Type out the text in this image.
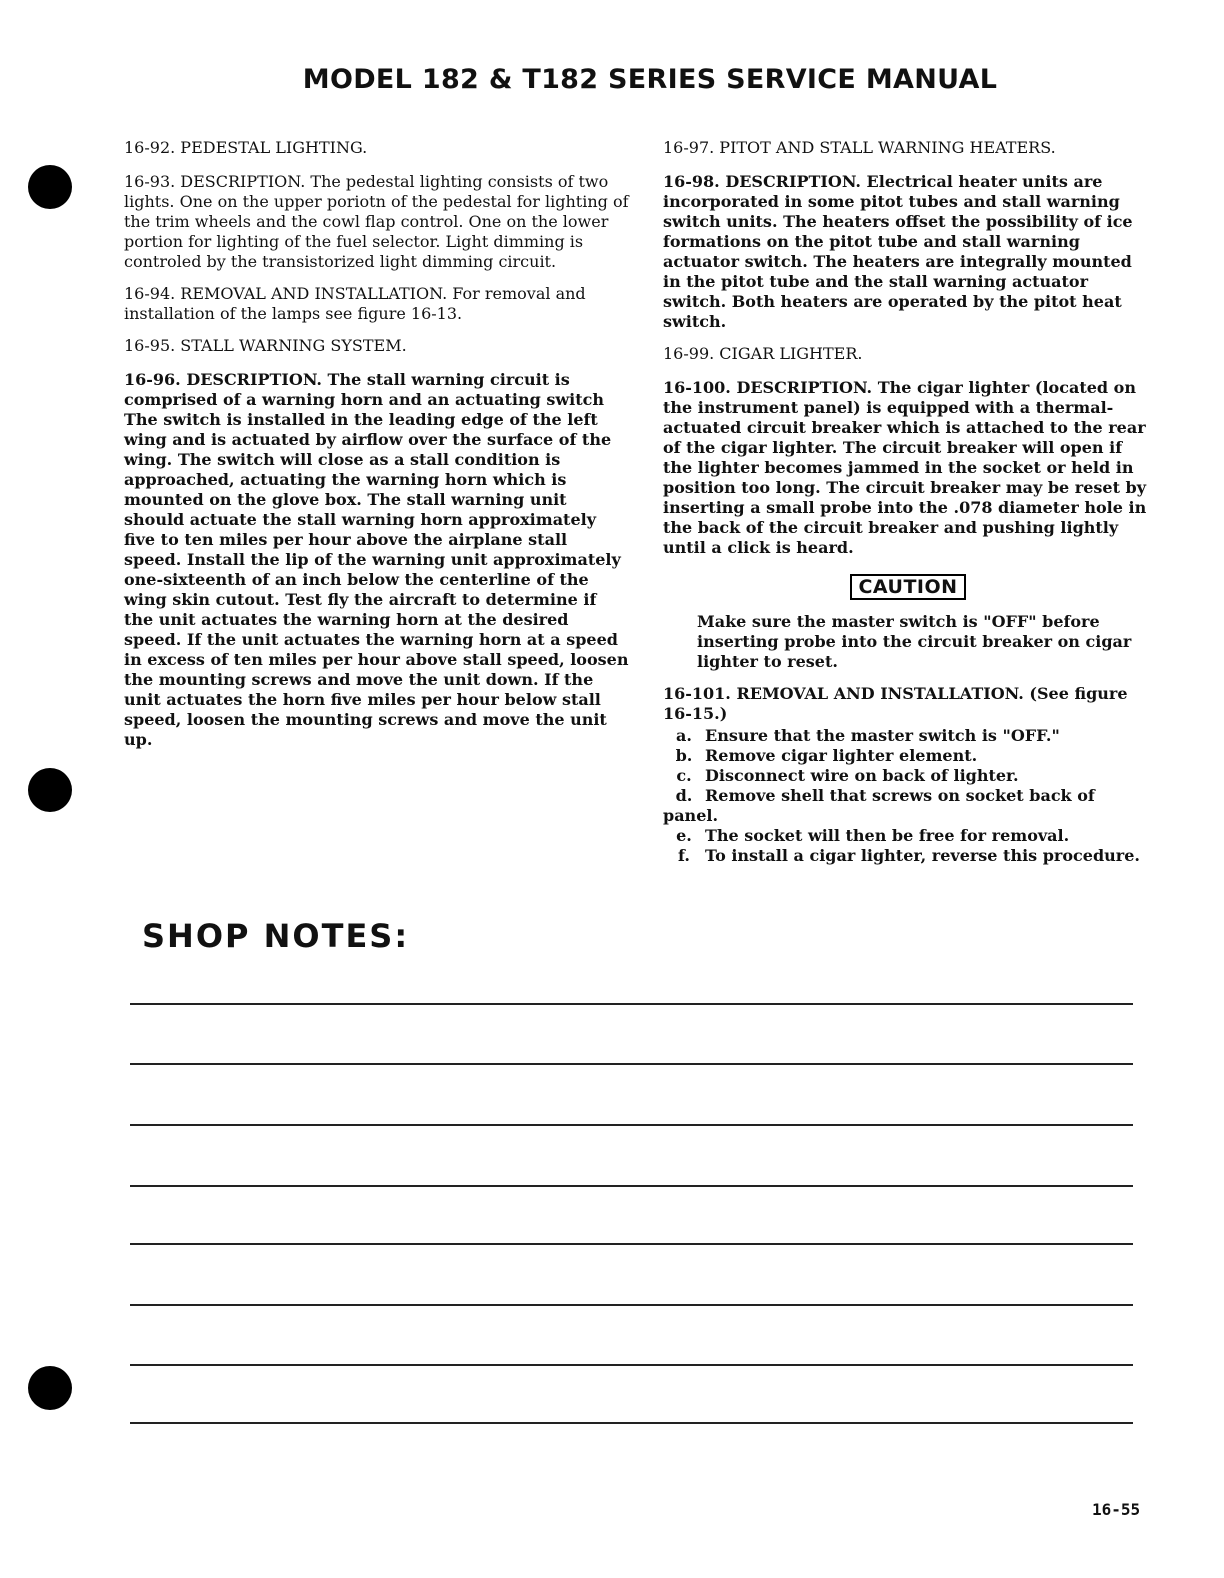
MODEL 182 & T182 SERIES SERVICE MANUAL

16-92. PEDESTAL LIGHTING.

16-93. DESCRIPTION. The pedestal lighting consists of two lights. One on the upper poriotn of the pedestal for lighting of the trim wheels and the cowl flap control. One on the lower portion for lighting of the fuel selector. Light dimming is controled by the transistorized light dimming circuit.

16-94. REMOVAL AND INSTALLATION. For removal and installation of the lamps see figure 16-13.

16-95. STALL WARNING SYSTEM.

16-96. DESCRIPTION. The stall warning circuit is comprised of a warning horn and an actuating switch The switch is installed in the leading edge of the left wing and is actuated by airflow over the surface of the wing. The switch will close as a stall condition is approached, actuating the warning horn which is mounted on the glove box. The stall warning unit should actuate the stall warning horn approximately five to ten miles per hour above the airplane stall speed. Install the lip of the warning unit approximately one-sixteenth of an inch below the centerline of the wing skin cutout. Test fly the aircraft to determine if the unit actuates the warning horn at the desired speed. If the unit actuates the warning horn at a speed in excess of ten miles per hour above stall speed, loosen the mounting screws and move the unit down. If the unit actuates the horn five miles per hour below stall speed, loosen the mounting screws and move the unit up.

16-97. PITOT AND STALL WARNING HEATERS.

16-98. DESCRIPTION. Electrical heater units are incorporated in some pitot tubes and stall warning switch units. The heaters offset the possibility of ice formations on the pitot tube and stall warning actuator switch. The heaters are integrally mounted in the pitot tube and the stall warning actuator switch. Both heaters are operated by the pitot heat switch.

16-99. CIGAR LIGHTER.

16-100. DESCRIPTION. The cigar lighter (located on the instrument panel) is equipped with a thermal-actuated circuit breaker which is attached to the rear of the cigar lighter. The circuit breaker will open if the lighter becomes jammed in the socket or held in position too long. The circuit breaker may be reset by inserting a small probe into the .078 diameter hole in the back of the circuit breaker and pushing lightly until a click is heard.

CAUTION

Make sure the master switch is "OFF" before inserting probe into the circuit breaker on cigar lighter to reset.

16-101. REMOVAL AND INSTALLATION. (See figure 16-15.)

a. Ensure that the master switch is "OFF."
b. Remove cigar lighter element.
c. Disconnect wire on back of lighter.
d. Remove shell that screws on socket back of panel.
e. The socket will then be free for removal.
f. To install a cigar lighter, reverse this procedure.
SHOP NOTES:
16-55
